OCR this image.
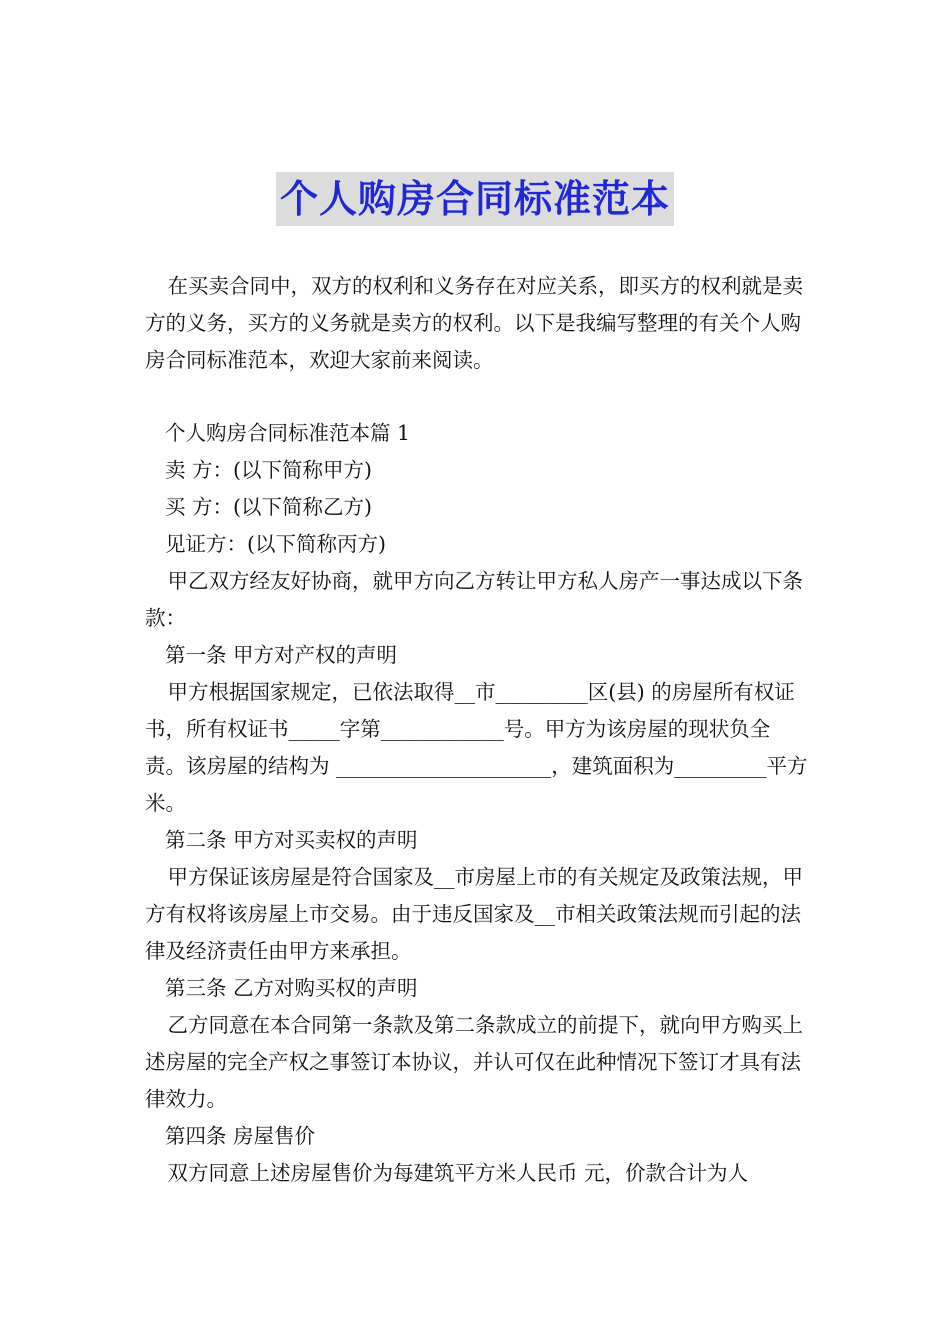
个人购房合同标准范本

在买卖合同中，双方的权利和义务存在对应关系，即买方的权利就是卖方的义务，买方的义务就是卖方的权利。以下是我编写整理的有关个人购房合同标准范本，欢迎大家前来阅读。

个人购房合同标准范本篇 1

卖 方：(以下简称甲方)

买 方：(以下简称乙方)

见证方：(以下简称丙方)

甲乙双方经友好协商，就甲方向乙方转让甲方私人房产一事达成以下条款：

第一条 甲方对产权的声明

甲方根据国家规定，已依法取得__市_________区(县) 的房屋所有权证书，所有权证书_____字第____________号。甲方为该房屋的现状负全责。该房屋的结构为 _____________________，建筑面积为_________平方米。

第二条 甲方对买卖权的声明

甲方保证该房屋是符合国家及__市房屋上市的有关规定及政策法规，甲方有权将该房屋上市交易。由于违反国家及__市相关政策法规而引起的法律及经济责任由甲方来承担。

第三条 乙方对购买权的声明

乙方同意在本合同第一条款及第二条款成立的前提下，就向甲方购买上述房屋的完全产权之事签订本协议，并认可仅在此种情况下签订才具有法律效力。

第四条 房屋售价

双方同意上述房屋售价为每建筑平方米人民币 元，价款合计为人
